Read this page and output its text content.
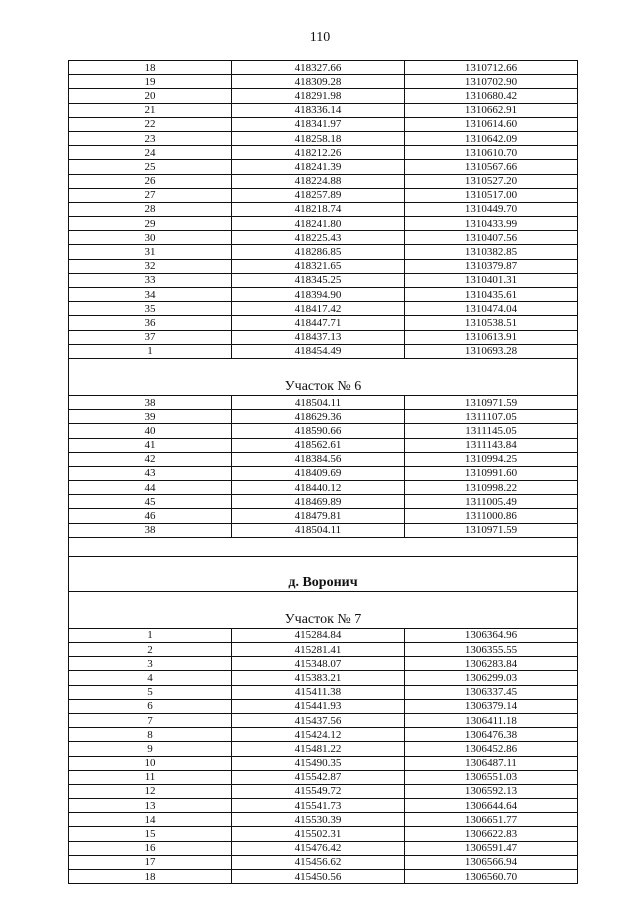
110
18	418327.66	1310712.66
19	418309.28	1310702.90
20	418291.98	1310680.42
21	418336.14	1310662.91
22	418341.97	1310614.60
23	418258.18	1310642.09
24	418212.26	1310610.70
25	418241.39	1310567.66
26	418224.88	1310527.20
27	418257.89	1310517.00
28	418218.74	1310449.70
29	418241.80	1310433.99
30	418225.43	1310407.56
31	418286.85	1310382.85
32	418321.65	1310379.87
33	418345.25	1310401.31
34	418394.90	1310435.61
35	418417.42	1310474.04
36	418447.71	1310538.51
37	418437.13	1310613.91
1	418454.49	1310693.28
Участок № 6		
38	418504.11	1310971.59
39	418629.36	1311107.05
40	418590.66	1311145.05
41	418562.61	1311143.84
42	418384.56	1310994.25
43	418409.69	1310991.60
44	418440.12	1310998.22
45	418469.89	1311005.49
46	418479.81	1311000.86
38	418504.11	1310971.59

д. Воронич		
Участок № 7		
1	415284.84	1306364.96
2	415281.41	1306355.55
3	415348.07	1306283.84
4	415383.21	1306299.03
5	415411.38	1306337.45
6	415441.93	1306379.14
7	415437.56	1306411.18
8	415424.12	1306476.38
9	415481.22	1306452.86
10	415490.35	1306487.11
11	415542.87	1306551.03
12	415549.72	1306592.13
13	415541.73	1306644.64
14	415530.39	1306651.77
15	415502.31	1306622.83
16	415476.42	1306591.47
17	415456.62	1306566.94
18	415450.56	1306560.70
